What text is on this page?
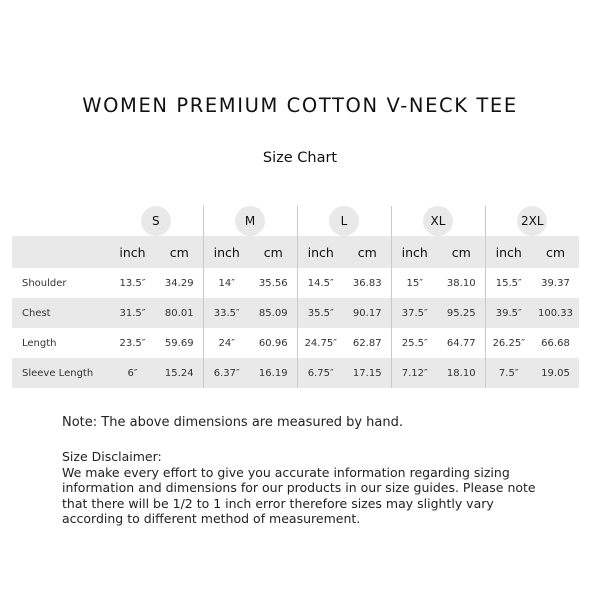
WOMEN PREMIUM COTTON V-NECK TEE
Size Chart
	S		M		L		XL		2XL	
	inch	cm	inch	cm	inch	cm	inch	cm	inch	cm
Shoulder	13.5″	34.29	14″	35.56	14.5″	36.83	15″	38.10	15.5″	39.37
Chest	31.5″	80.01	33.5″	85.09	35.5″	90.17	37.5″	95.25	39.5″	100.33
Length	23.5″	59.69	24″	60.96	24.75″	62.87	25.5″	64.77	26.25″	66.68
Sleeve Length	6″	15.24	6.37″	16.19	6.75″	17.15	7.12″	18.10	7.5″	19.05
Note: The above dimensions are measured by hand.
Size Disclaimer:
We make every effort to give you accurate information regarding sizing information and dimensions for our products in our size guides. Please note that there will be 1/2 to 1 inch error therefore sizes may slightly vary according to different method of measurement.
